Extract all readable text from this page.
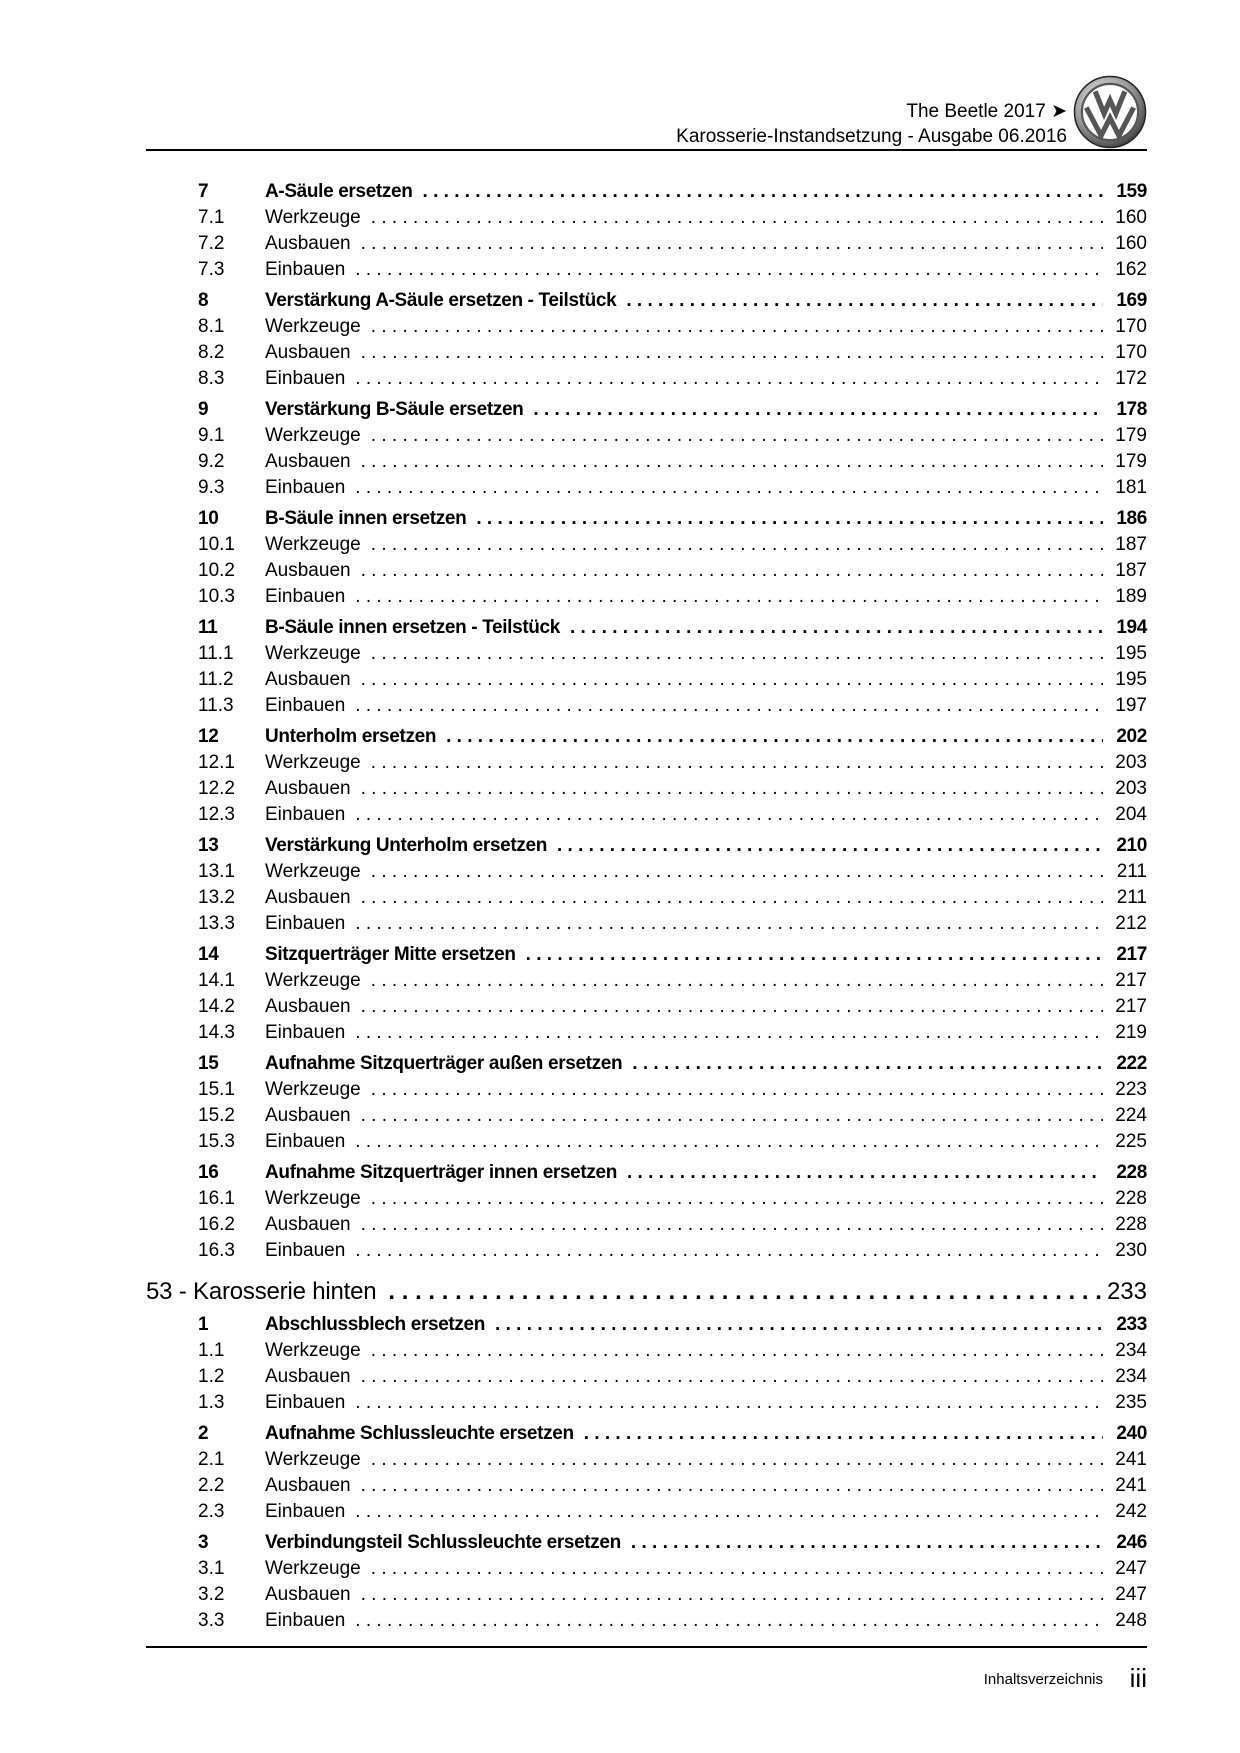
The Beetle 2017 ➤
Karosserie-Instandsetzung - Ausgabe 06.2016
7	A-Säule ersetzen . . .	159
7.1 Werkzeuge . . .	160
7.2 Ausbauen . . .	160
7.3 Einbauen . . .	162
8	Verstärkung A-Säule ersetzen - Teilstück . . .	169
8.1 Werkzeuge . . .	170
8.2 Ausbauen . . .	170
8.3 Einbauen . . .	172
9	Verstärkung B-Säule ersetzen . . .	178
9.1 Werkzeuge . . .	179
9.2 Ausbauen . . .	179
9.3 Einbauen . . .	181
10 B-Säule innen ersetzen . . .	186
10.1 Werkzeuge . . .	187
10.2 Ausbauen . . .	187
10.3 Einbauen . . .	189
11	B-Säule innen ersetzen - Teilstück . . .	194
11.1 Werkzeuge . . .	195
11.2 Ausbauen . . .	195
11.3 Einbauen . . .	197
12 Unterholm ersetzen . . .	202
12.1 Werkzeuge . . .	203
12.2 Ausbauen . . .	203
12.3 Einbauen . . .	204
13 Verstärkung Unterholm ersetzen . . .	210
13.1 Werkzeuge . . .	211
13.2 Ausbauen . . .	211
13.3 Einbauen . . .	212
14 Sitzquerträger Mitte ersetzen . . .	217
14.1 Werkzeuge . . .	217
14.2 Ausbauen . . .	217
14.3 Einbauen . . .	219
15 Aufnahme Sitzquerträger außen ersetzen . . .	222
15.1 Werkzeuge . . .	223
15.2 Ausbauen . . .	224
15.3 Einbauen . . .	225
16 Aufnahme Sitzquerträger innen ersetzen . . .	228
16.1 Werkzeuge . . .	228
16.2 Ausbauen . . .	228
16.3 Einbauen . . .	230
53 - Karosserie hinten . . .	233
1	Abschlussblech ersetzen . . .	233
1.1 Werkzeuge . . .	234
1.2 Ausbauen . . .	234
1.3 Einbauen . . .	235
2	Aufnahme Schlussleuchte ersetzen . . .	240
2.1 Werkzeuge . . .	241
2.2 Ausbauen . . .	241
2.3 Einbauen . . .	242
3	Verbindungsteil Schlussleuchte ersetzen . . .	246
3.1 Werkzeuge . . .	247
3.2 Ausbauen . . .	247
3.3 Einbauen . . .	248
Inhaltsverzeichnis iii
